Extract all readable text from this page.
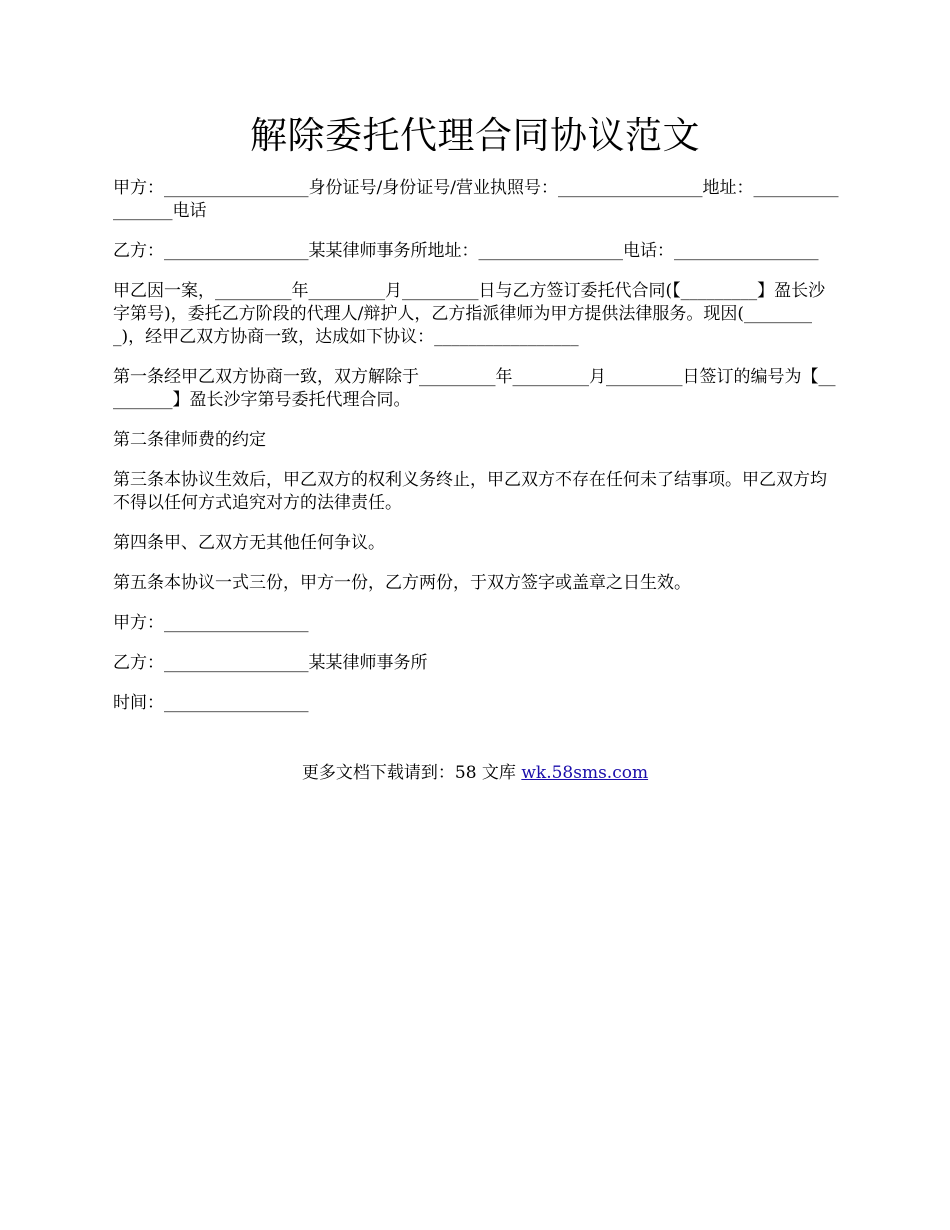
解除委托代理合同协议范文

甲方：_________________身份证号/身份证号/营业执照号：_________________地址：_________________电话

乙方：_________________某某律师事务所地址：_________________电话：_________________

甲乙因一案，_________年_________月_________日与乙方签订委托代合同(【_________】盈长沙字第号)，委托乙方阶段的代理人/辩护人，乙方指派律师为甲方提供法律服务。现因(_________)，经甲乙双方协商一致，达成如下协议：_________________

第一条经甲乙双方协商一致，双方解除于_________年_________月_________日签订的编号为【_________】盈长沙字第号委托代理合同。

第二条律师费的约定

第三条本协议生效后，甲乙双方的权利义务终止，甲乙双方不存在任何未了结事项。甲乙双方均不得以任何方式追究对方的法律责任。

第四条甲、乙双方无其他任何争议。

第五条本协议一式三份，甲方一份，乙方两份，于双方签字或盖章之日生效。

甲方：_________________

乙方：_________________某某律师事务所

时间：_________________

更多文档下载请到：58 文库 wk.58sms.com
